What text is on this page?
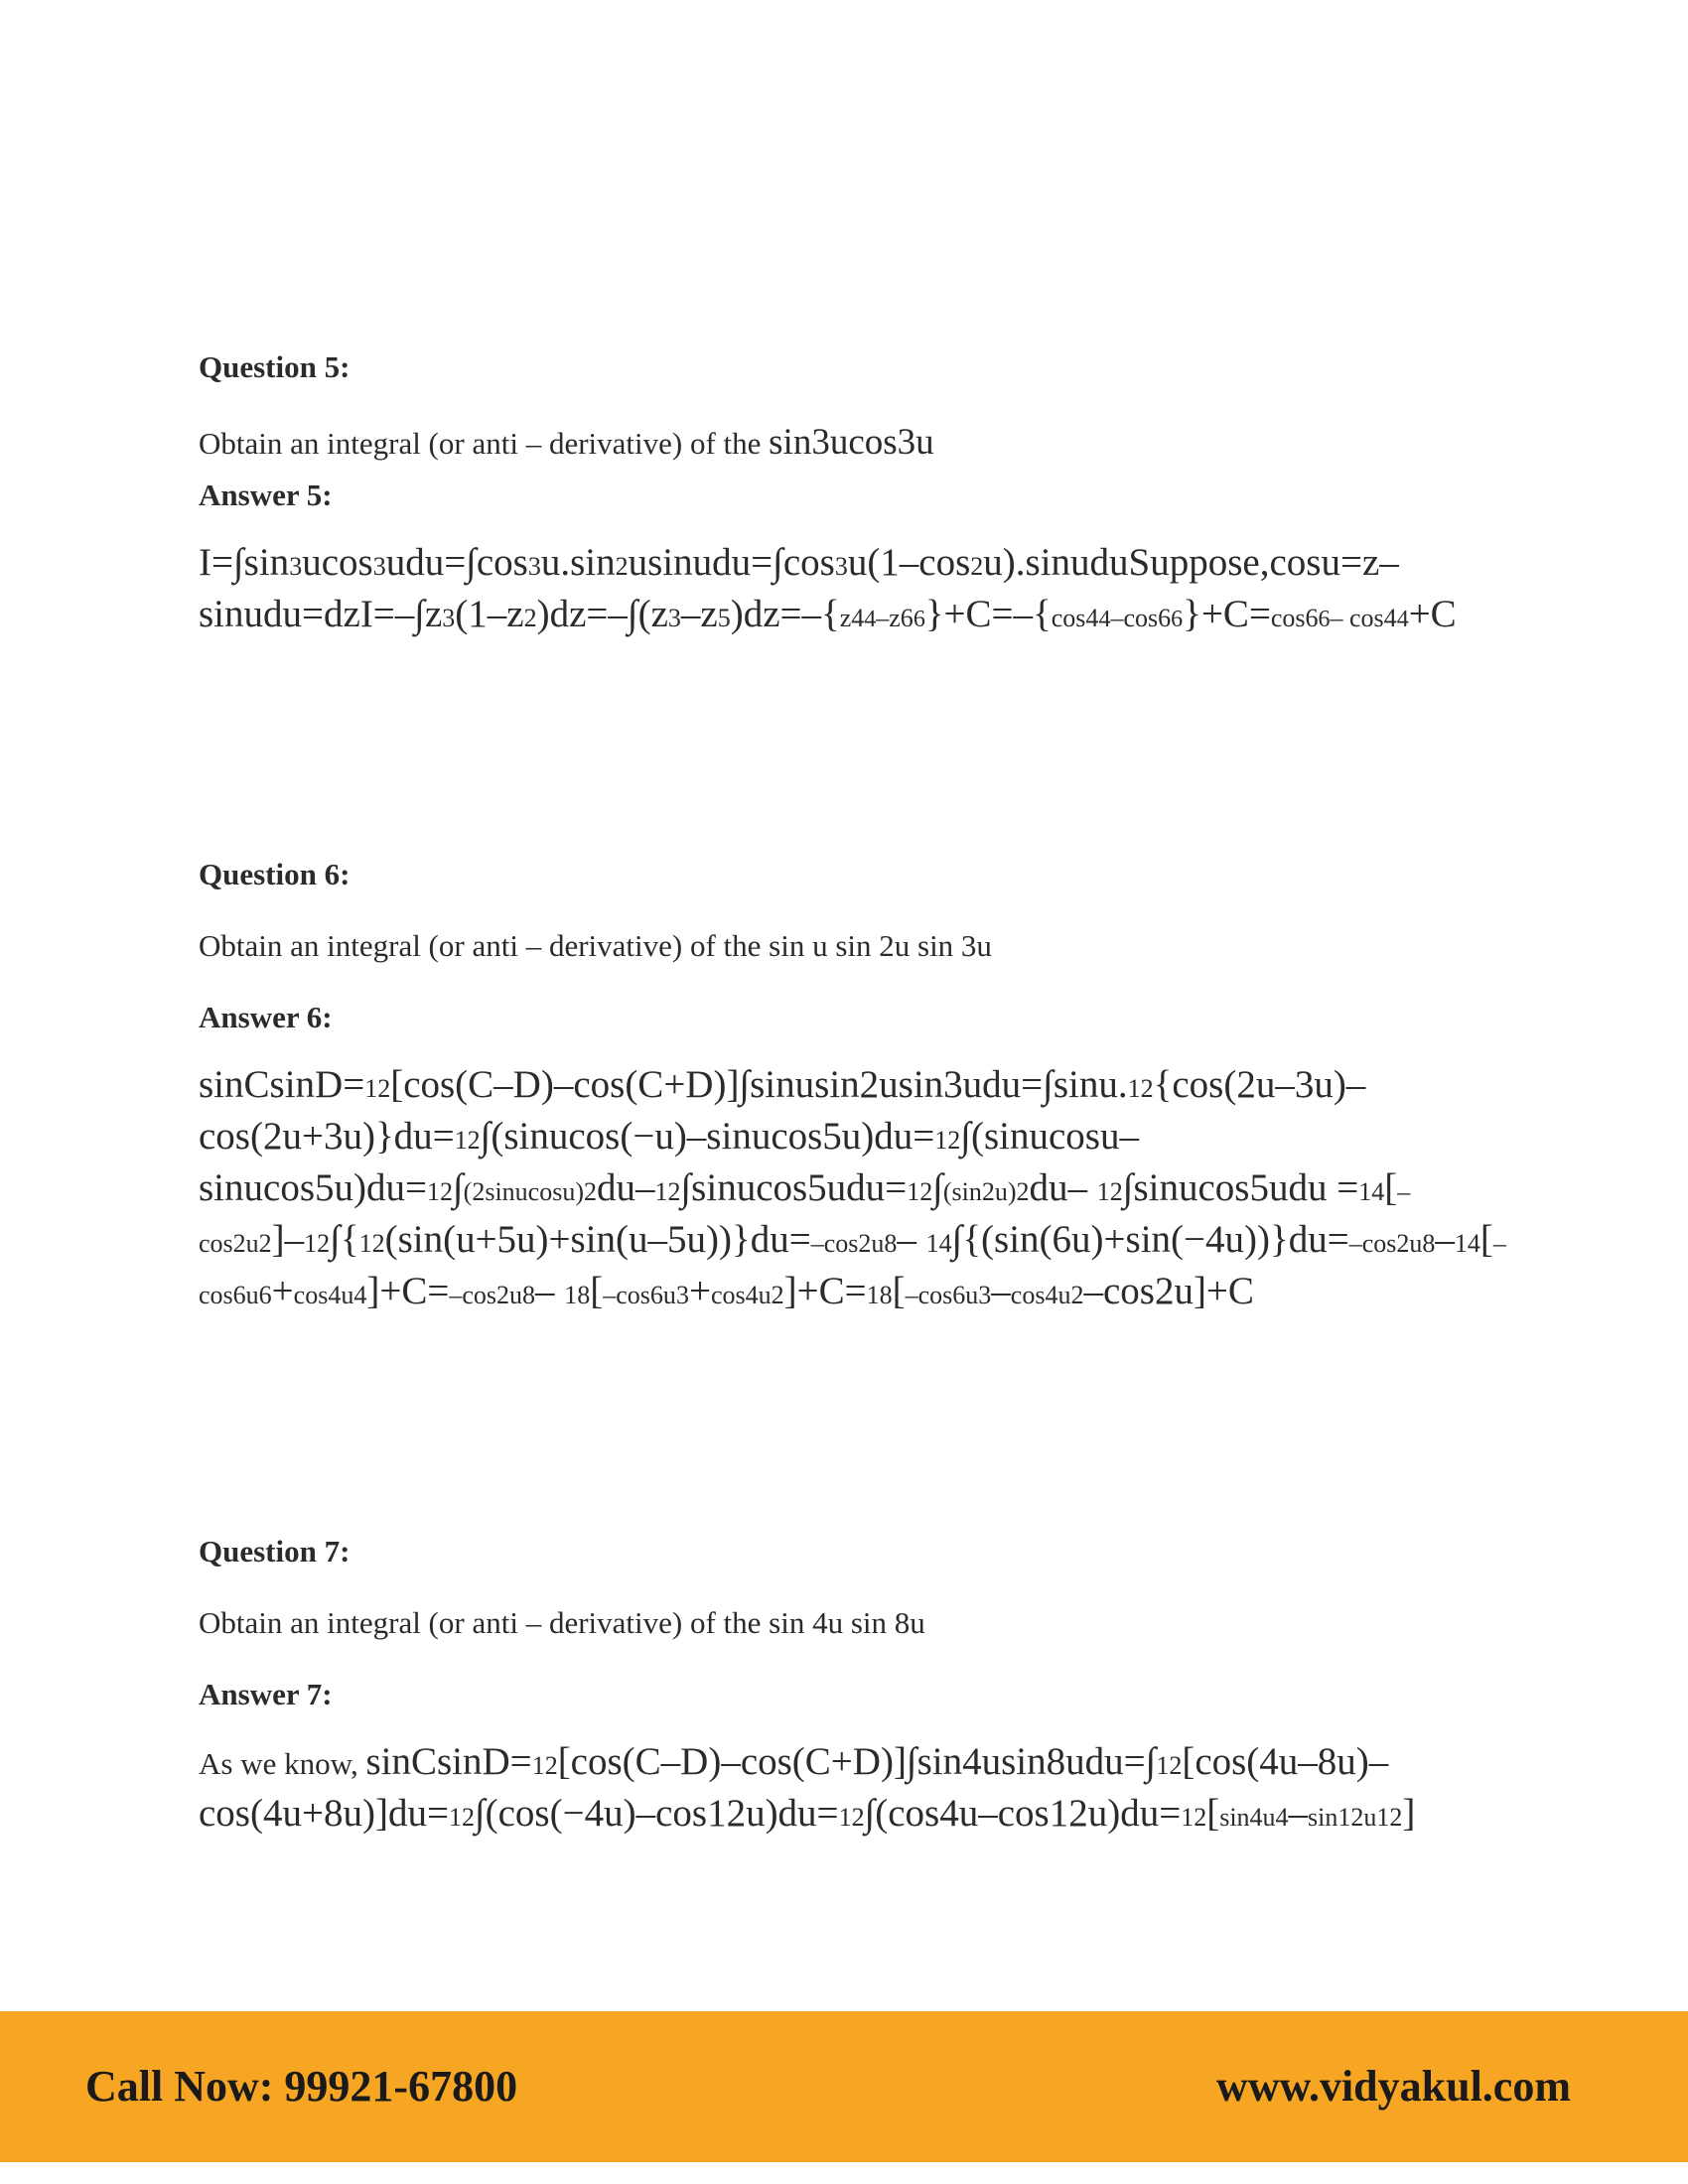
Question 5:

Obtain an integral (or anti – derivative) of the sin3ucos3u

Answer 5:

I=∫sin3ucos3udu=∫cos3u.sin2usinudu=∫cos3u(1–cos2u).sinuduSuppose,cosu=z– sinudu=dzI=–∫z3(1–z2)dz=–∫(z3–z5)dz=–{z44–z66}+C=–{cos44–cos66}+C=cos66– cos44+C

Question 6:

Obtain an integral (or anti – derivative) of the sin u sin 2u sin 3u

Answer 6:

sinCsinD=12[cos(C–D)–cos(C+D)]∫sinusin2usin3udu=∫sinu.12{cos(2u–3u)– cos(2u+3u)}du=12∫(sinucos(−u)–sinucos5u)du=12∫(sinucosu– sinucos5u)du=12∫(2sinucosu)2du–12∫sinucos5udu=12∫(sin2u)2du– 12∫sinucos5udu =14[–cos2u2]–12∫{12(sin(u+5u)+sin(u–5u))}du=–cos2u8– 14∫{(sin(6u)+sin(−4u))}du=–cos2u8–14[–cos6u6+cos4u4]+C=–cos2u8– 18[–cos6u3+cos4u2]+C=18[–cos6u3–cos4u2–cos2u]+C

Question 7:

Obtain an integral (or anti – derivative) of the sin 4u sin 8u

Answer 7:

As we know, sinCsinD=12[cos(C–D)–cos(C+D)]∫sin4usin8udu=∫12[cos(4u–8u)– cos(4u+8u)]du=12∫(cos(−4u)–cos12u)du=12∫(cos4u–cos12u)du=12[sin4u4–sin12u12]

Call Now: 99921-67800	www.vidyakul.com
